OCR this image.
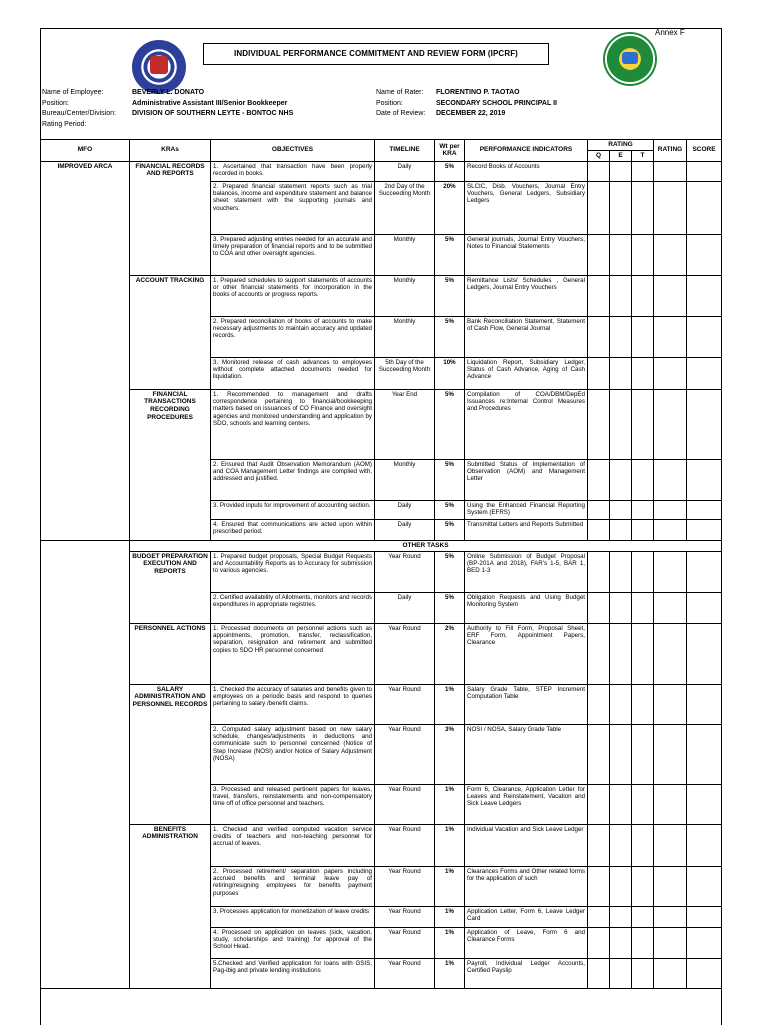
Annex F
INDIVIDUAL PERFORMANCE COMMITMENT AND REVIEW FORM (IPCRF)
Name of Employee:	BEVERLY L. DONATO	Name of Rater:	FLORENTINO P. TAOTAO
Position:	Administrative Assistant III/Senior Bookkeeper	Position:	SECONDARY SCHOOL PRINCIPAL II
Bureau/Center/Division:	DIVISION OF SOUTHERN LEYTE - BONTOC NHS	Date of Review:	DECEMBER 22, 2019
Rating Period:
MFO	KRAs	OBJECTIVES	TIMELINE	Wt per KRA	PERFORMANCE INDICATORS	RATING			RATING	SCORE
						Q	E	T		
IMPROVED ARCA	FINANCIAL RECORDS AND REPORTS	1. Ascertained that transaction have been properly recorded in books.	Daily	5%	Record Books of Accounts					
		2. Prepared financial statement reports such as trial balances, income and expenditure statement and balance sheet statement with the supporting journals and vouchers.	2nd Day of the Succeeding Month	20%	SLCIC, Disb. Vouchers, Journal Entry Vouchers, General Ledgers, Subsidiary Ledgers					
		3. Prepared adjusting entries needed for an accurate and timely preparation of financial reports and to be submitted to COA and other oversight agencies.	Monthly	5%	General journals, Journal Entry Vouchers, Notes to Financial Statements					
	ACCOUNT TRACKING	1. Prepared schedules to support statements of accounts or other financial statements for incorporation in the books of accounts or progress reports.	Monthly	5%	Remittance Lists/ Schedules , General Ledgers, Journal Entry Vouchers					
		2. Prepared reconciliation of books of accounts to make necessary adjustments to maintain accuracy and updated records.	Monthly	5%	Bank Reconciliation Statement, Statement of Cash Flow, General Journal					
		3. Monitored release of cash advances to employees without complete attached documents needed for liquidation.	5th Day of the Succeeding Month	10%	Liquidation Report, Subsidiary Ledger, Status of Cash Advance, Aging of Cash Advance					
	FINANCIAL TRANSACTIONS RECORDING PROCEDURES	1. Recommended to management and drafts correspondence pertaining to financial/bookkeeping matters based on issuances of CO Finance and oversight agencies and monitored understanding and application by SDO, schools and learning centers.	Year End	5%	Compilation of COA/DBM/DepEd Issuances re:Internal Control Measures and Procedures					
		2. Ensured that Audit Observation Memorandum (AOM) and COA Management Letter findings are complied with, addressed and justified.	Monthly	5%	Submitted Status of Implementation of Observation (AOM) and Management Letter					
		3. Provided inputs for improvement of accounting section.	Daily	5%	Using the Enhanced Financial Reporting System (EFRS)					
		4. Ensured that communications are acted upon within prescribed period.	Daily	5%	Transmittal Letters and Reports Submitted					
	OTHER TASKS									
	BUDGET PREPARATION EXECUTION AND REPORTS	1. Prepared budget proposals, Special Budget Requests and Accountability Reports as to Accuracy for submission to various agencies.	Year Round	5%	Online Submission of Budget Proposal (BP-201A and 2018), FAR's 1-5, BAR 1, BED 1-3					
		2. Certified availability of Allotments, monitors and records expenditures in appropriate registries.	Daily	5%	Obligation Requests and Using Budget Monitoring System					
	PERSONNEL ACTIONS	1. Processed documents on personnel actions such as appointments, promotion, transfer, reclassification, separation, resignation and retirement and submitted copies to SDO HR personnel concerned	Year Round	2%	Authority to Fill Form, Proposal Sheet, ERF Form, Appointment Papers, Clearance					
	SALARY ADMINISTRATION AND PERSONNEL RECORDS	1. Checked the accuracy of salaries and benefits given to employees on a periodic basis and respond to queries pertaining to salary /benefit claims.	Year Round	1%	Salary Grade Table, STEP Increment Computation Table					
		2. Computed salary adjustment based on new salary schedule, changes/adjustments in deductions and communicate such to personnel concerned (Notice of Step Increase (NOSI) and/or Notice of Salary Adjustment (NOSA)	Year Round	3%	NOSI / NOSA, Salary Grade Table					
		3. Processed and released pertinent papers for leaves, travel, transfers, reinstatements and non-compensatory time off of office personnel and teachers.	Year Round	1%	Form 6, Clearance, Application Letter for Leaves and Reinstatement, Vacation and Sick Leave Ledgers					
	BENEFITS ADMINISTRATION	1. Checked and verified computed vacation service credits of teachers and non-teaching personnel for accrual of leaves.	Year Round	1%	Individual Vacation and Sick Leave Ledger					
		2. Processed retirement/ separation papers including accrued benefits and terminal leave pay of retiring/resigning employees for benefits payment purposes	Year Round	1%	Clearances Forms and Other related forms for the application of such					
		3. Processes application for monetization of leave credits	Year Round	1%	Application Letter, Form 6, Leave Ledger Card					
		4. Processed on application on leaves (sick, vacation, study, scholarships and training) for approval of the School Head.	Year Round	1%	Application of Leave, Form 6 and Clearance Forms					
		5.Checked and Verified application for loans with GSIS, Pag-ibig and private lending institutions	Year Round	1%	Payroll, Individual Ledger Accounts, Certified Payslip					
